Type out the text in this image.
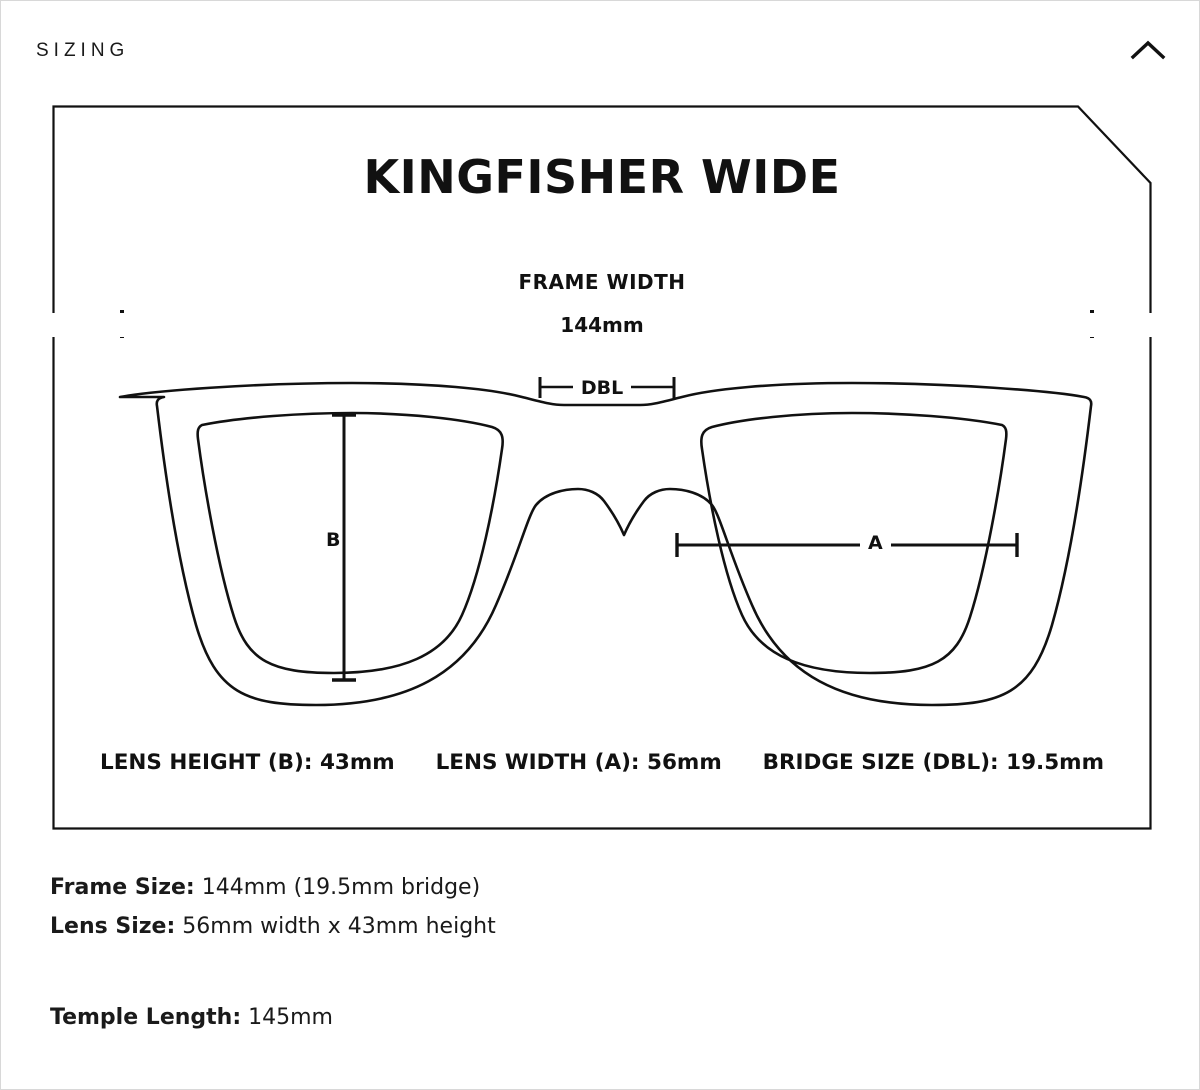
SIZING
KINGFISHER WIDE
FRAME WIDTH
144mm
DBL
B	A
LENS HEIGHT (B): 43mm LENS WIDTH (A): 56mm BRIDGE SIZE (DBL): 19.5mm
Frame Size: 144mm (19.5mm bridge)
Lens Size: 56mm width x 43mm height
Temple Length: 145mm
